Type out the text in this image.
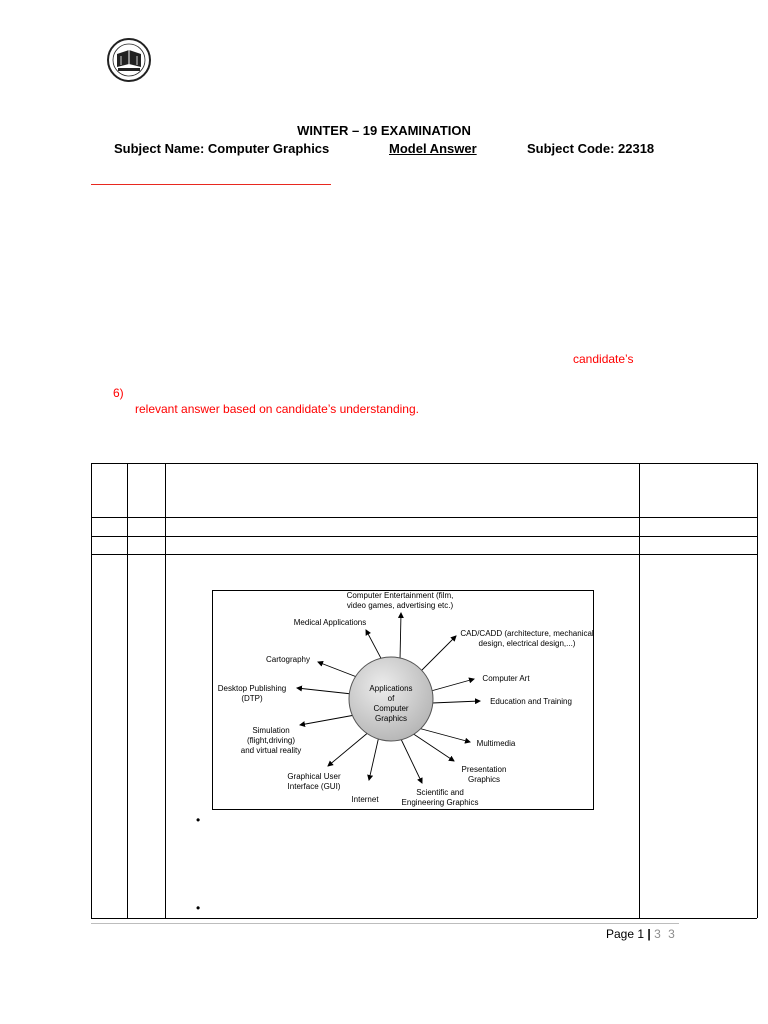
WINTER – 19 EXAMINATION
Subject Name: Computer Graphics	Model Answer	Subject Code: 22318
candidate’s
6)
relevant answer based on candidate’s understanding.
Applications
of
Computer
Graphics
Computer Entertainment (film,
video games, advertising etc.)
Medical Applications
CAD/CADD (architecture, mechanical
design, electrical design,...)
Cartography
Computer Art
Desktop Publishing
(DTP)	Education and Training
Simulation
(flight,driving)
and virtual reality
Multimedia
Presentation
Graphics
Graphical User
Interface (GUI)
Internet
Scientific and
Engineering Graphics
•
•
Page 1 | 3 3
